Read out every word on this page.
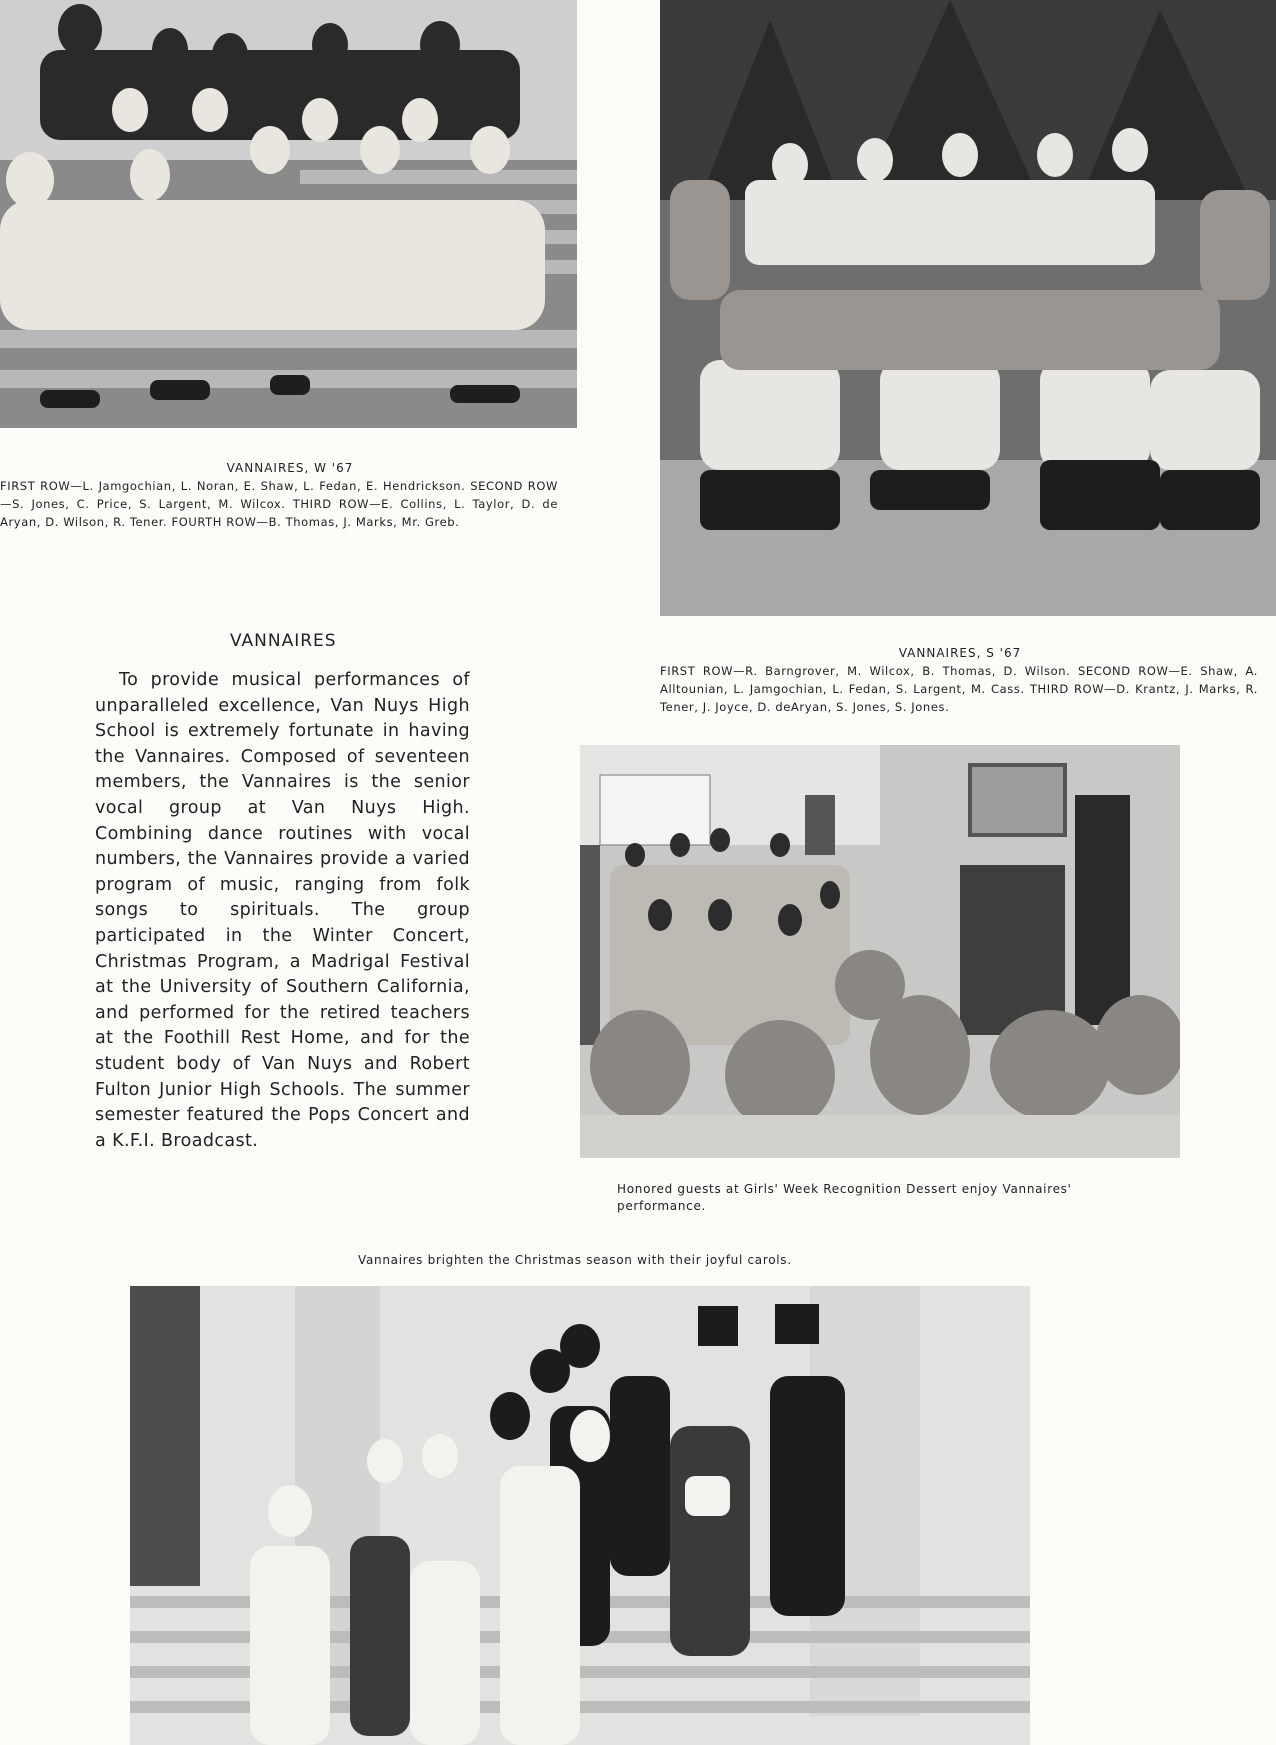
VANNAIRES, W '67
FIRST ROW—L. Jamgochian, L. Noran, E. Shaw, L. Fedan, E. Hendrickson. SECOND ROW—S. Jones, C. Price, S. Largent, M. Wilcox. THIRD ROW—E. Collins, L. Taylor, D. de Aryan, D. Wilson, R. Tener. FOURTH ROW—B. Thomas, J. Marks, Mr. Greb.
VANNAIRES
To provide musical performances of unparalleled excellence, Van Nuys High School is extremely fortunate in having the Vannaires. Composed of seventeen members, the Vannaires is the senior vocal group at Van Nuys High. Combining dance routines with vocal numbers, the Vannaires provide a varied program of music, ranging from folk songs to spirituals. The group participated in the Winter Concert, Christmas Program, a Madrigal Festival at the University of Southern California, and performed for the retired teachers at the Foothill Rest Home, and for the student body of Van Nuys and Robert Fulton Junior High Schools. The summer semester featured the Pops Concert and a K.F.I. Broadcast.
VANNAIRES, S '67
FIRST ROW—R. Barngrover, M. Wilcox, B. Thomas, D. Wilson. SECOND ROW—E. Shaw, A. Alltounian, L. Jamgochian, L. Fedan, S. Largent, M. Cass. THIRD ROW—D. Krantz, J. Marks, R. Tener, J. Joyce, D. deAryan, S. Jones, S. Jones.
Honored guests at Girls' Week Recognition Dessert enjoy Vannaires' performance.
Vannaires brighten the Christmas season with their joyful carols.
